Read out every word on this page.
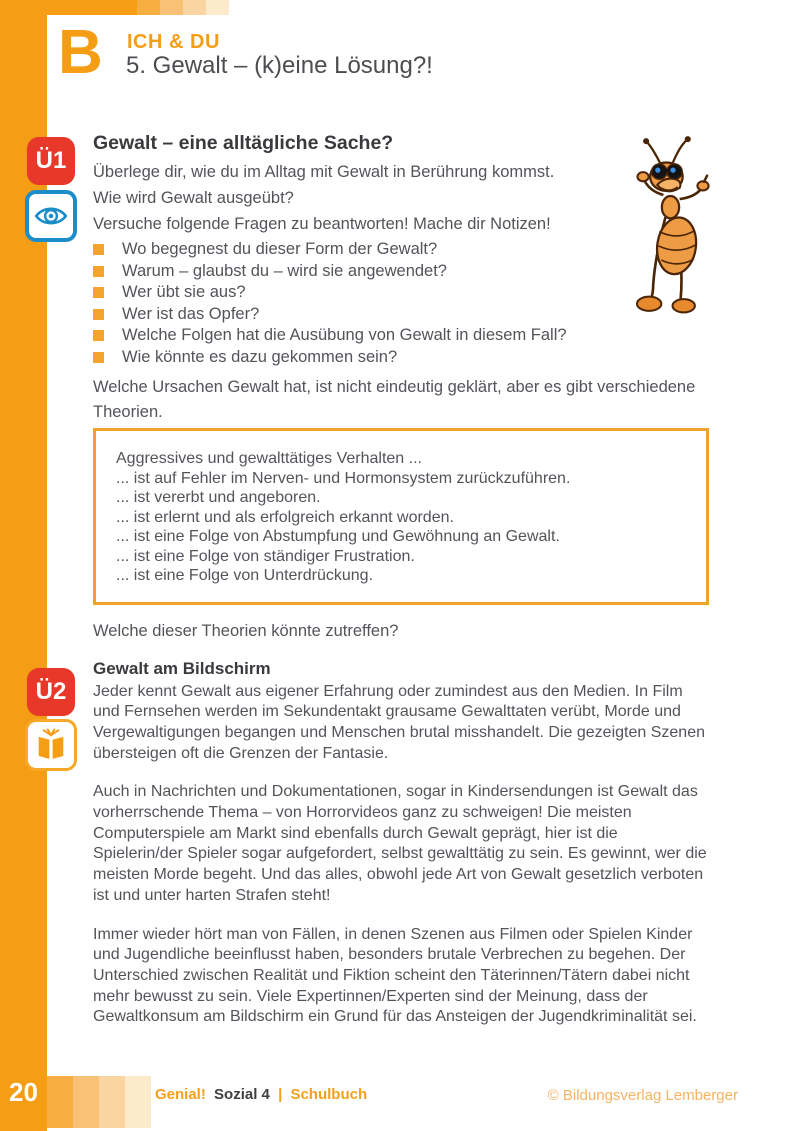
B ICH & DU
5. Gewalt – (k)eine Lösung?!
Ü1
Ü2
Gewalt – eine alltägliche Sache?
Überlege dir, wie du im Alltag mit Gewalt in Berührung kommst.
Wie wird Gewalt ausgeübt?
Versuche folgende Fragen zu beantworten! Mache dir Notizen!
Wo begegnest du dieser Form der Gewalt?
Warum – glaubst du – wird sie angewendet?
Wer übt sie aus?
Wer ist das Opfer?
Welche Folgen hat die Ausübung von Gewalt in diesem Fall?
Wie könnte es dazu gekommen sein?
Welche Ursachen Gewalt hat, ist nicht eindeutig geklärt, aber es gibt verschiedene Theorien.
Aggressives und gewalttätiges Verhalten ...
... ist auf Fehler im Nerven- und Hormonsystem zurückzuführen.
... ist vererbt und angeboren.
... ist erlernt und als erfolgreich erkannt worden.
... ist eine Folge von Abstumpfung und Gewöhnung an Gewalt.
... ist eine Folge von ständiger Frustration.
... ist eine Folge von Unterdrückung.
Welche dieser Theorien könnte zutreffen?
Gewalt am Bildschirm

Jeder kennt Gewalt aus eigener Erfahrung oder zumindest aus den Medien. In Film und Fernsehen werden im Sekundentakt grausame Gewalttaten verübt, Morde und Vergewaltigungen begangen und Menschen brutal misshandelt. Die gezeigten Szenen übersteigen oft die Grenzen der Fantasie.

Auch in Nachrichten und Dokumentationen, sogar in Kindersendungen ist Gewalt das vorherrschende Thema – von Horrorvideos ganz zu schweigen! Die meisten Computerspiele am Markt sind ebenfalls durch Gewalt geprägt, hier ist die Spielerin/der Spieler sogar aufgefordert, selbst gewalttätig zu sein. Es gewinnt, wer die meisten Morde begeht. Und das alles, obwohl jede Art von Gewalt gesetzlich verboten ist und unter harten Strafen steht!

Immer wieder hört man von Fällen, in denen Szenen aus Filmen oder Spielen Kinder und Jugendliche beeinflusst haben, besonders brutale Verbrechen zu begehen. Der Unterschied zwischen Realität und Fiktion scheint den Täterinnen/Tätern dabei nicht mehr bewusst zu sein. Viele Expertinnen/Experten sind der Meinung, dass der Gewaltkonsum am Bildschirm ein Grund für das Ansteigen der Jugendkriminalität sei.

20	Genial! Sozial 4 | Schulbuch	© Bildungsverlag Lemberger
